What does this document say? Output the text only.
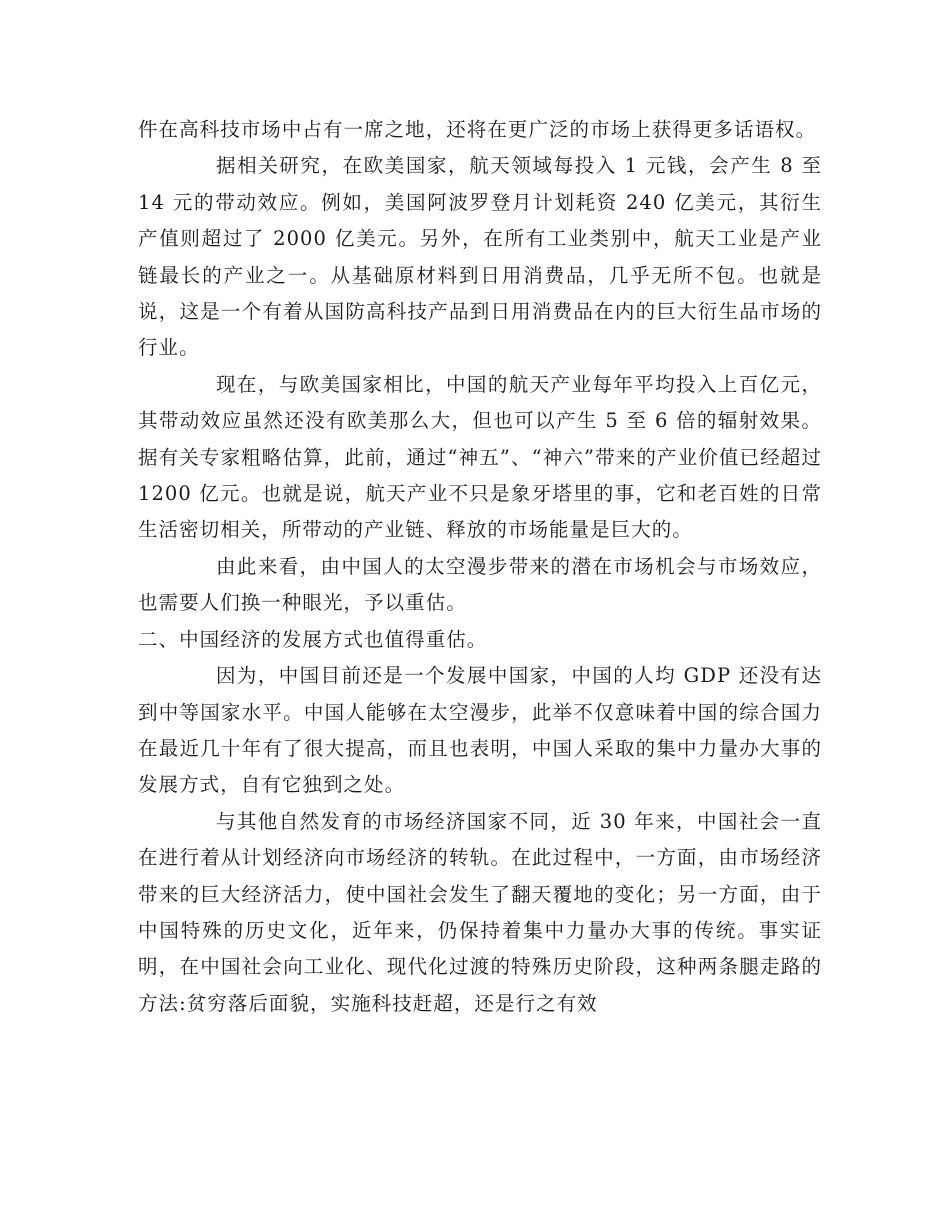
件在高科技市场中占有一席之地，还将在更广泛的市场上获得更多话语权。

据相关研究，在欧美国家，航天领域每投入 1 元钱，会产生 8 至 14 元的带动效应。例如，美国阿波罗登月计划耗资 240 亿美元，其衍生产值则超过了 2000 亿美元。另外，在所有工业类别中，航天工业是产业链最长的产业之一。从基础原材料到日用消费品，几乎无所不包。也就是说，这是一个有着从国防高科技产品到日用消费品在内的巨大衍生品市场的行业。

现在，与欧美国家相比，中国的航天产业每年平均投入上百亿元，其带动效应虽然还没有欧美那么大，但也可以产生 5 至 6 倍的辐射效果。据有关专家粗略估算，此前，通过“神五”、“神六”带来的产业价值已经超过 1200 亿元。也就是说，航天产业不只是象牙塔里的事，它和老百姓的日常生活密切相关，所带动的产业链、释放的市场能量是巨大的。

由此来看，由中国人的太空漫步带来的潜在市场机会与市场效应，也需要人们换一种眼光，予以重估。

二、中国经济的发展方式也值得重估。

因为，中国目前还是一个发展中国家，中国的人均 GDP 还没有达到中等国家水平。中国人能够在太空漫步，此举不仅意味着中国的综合国力在最近几十年有了很大提高，而且也表明，中国人采取的集中力量办大事的发展方式，自有它独到之处。

与其他自然发育的市场经济国家不同，近 30 年来，中国社会一直在进行着从计划经济向市场经济的转轨。在此过程中，一方面，由市场经济带来的巨大经济活力，使中国社会发生了翻天覆地的变化；另一方面，由于中国特殊的历史文化，近年来，仍保持着集中力量办大事的传统。事实证明，在中国社会向工业化、现代化过渡的特殊历史阶段，这种两条腿走路的方法:贫穷落后面貌，实施科技赶超，还是行之有效
